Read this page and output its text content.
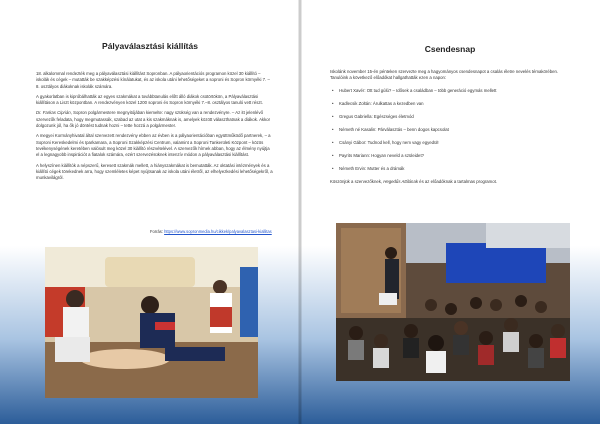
Pályaválasztási kiállítás

18. alkalommal rendezték meg a pályaválasztási kiállítást Sopronban. A pályaorientációs programon közel 30 kiállító – iskolák és cégek – mutatták be szakképzési kínálatukat, és az iskola utáni lehetőségeket a soproni és Sopron környéki 7. – 8. osztályos diákoknak iskolák számára.

A gyakorlatban is kipróbálhatták az egyes szakmákat a továbbtanulás előtt álló diákok csütörtökön, a Pályaválasztási kiállításon a Liszt központban. A rendezvényen közel 1200 soproni és Sopron környéki 7.–8. osztályos tanuló vett részt.

Dr. Farkas Ciprián, Sopron polgármestere megnyitójában kiemelte: nagy szükség van a rendezvényre. – Az itt jelenlévő szervezők feladata, hogy megmutassák, szabad az utat a kis szakmáknak is, amelyek között választhatnak a diákok. Akkor dolgozunk jól, ha ők jó döntést tudnak hozni – tette hozzá a polgármester.

A megyei Kormányhivatal által szervezett rendezvény ebben az évben is a pályaorientációban együttműködő partnerek, – a Soproni Kereskedelmi és Iparkamara, a Soproni Szakképzési Centrum, valamint a Soproni Tankerületi Központ – közös tevékenységének keretében valósult meg közel 30 kiállító részvételével. A szervezők hírnek abban, hogy az élmény nyújtja el a legnagyobb inspirációt a fiatalok számára, ezért szervezésüknek intenzív módon a pályaválasztási kiállítást.

A helyszínen kiállítók a népszerű, keresett szakmák mellett, a hiányszakmákat is bemutatták. Az oktatási intézmények és a kiállító cégek törekednek arra, hogy szemléletes képet nyújtsanak az iskola utáni életről, az elhelyezkedési lehetőségekről, a munkavilágról.

Forrás: https://www.sopronmedia.hu/cikkek/palyavalasztasi-kiallitas
Csendesnap

Iskolánk november 15-én pénteken szervezte meg a hagyományos csendesnapot a csalás életre nevelés témakörében. Tanulóink a következő előadókat hallgathatták ezen a napon:

• Hubert Xavér: Ott tud gúlú? – Idősek a családban – több generáció egymás mellett
• Kadlecsik Zoltán: Árulkattas a kezedben van
• Gregus Gabriella: Egészséges életmód
• Németh né Kasalin: Párválasztás – benn dogos kapcsolat
• Csányi Gábor: Tudnod kell, hogy nem vagy egyedül!
• Payrits Mariann: Hogyan neveld a szüleidet?
• Németh Ervin: Mutter és a drámák

Köszönjük a szervezőknek, Hegedűs Attilának és az előadóknak a tartalmas programot.
